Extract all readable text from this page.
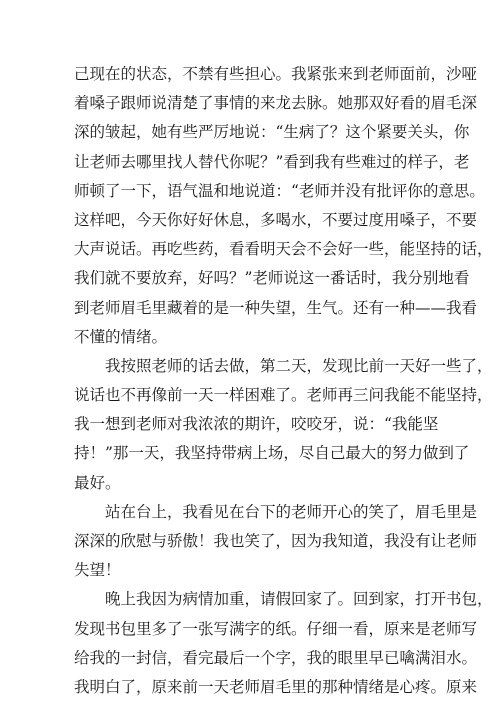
己现在的状态，不禁有些担心。我紧张来到老师面前，沙哑
着嗓子跟师说清楚了事情的来龙去脉。她那双好看的眉毛深
深的皱起，她有些严厉地说：“生病了？这个紧要关头，你
让老师去哪里找人替代你呢？”看到我有些难过的样子，老
师顿了一下，语气温和地说道：“老师并没有批评你的意思。
这样吧，今天你好好休息，多喝水，不要过度用嗓子，不要
大声说话。再吃些药，看看明天会不会好一些，能坚持的话，
我们就不要放弃，好吗？”老师说这一番话时，我分别地看
到老师眉毛里藏着的是一种失望，生气。还有一种——我看
不懂的情绪。
我按照老师的话去做，第二天，发现比前一天好一些了，
说话也不再像前一天一样困难了。老师再三问我能不能坚持，
我一想到老师对我浓浓的期许，咬咬牙，说：“我能坚
持！”那一天，我坚持带病上场，尽自己最大的努力做到了
最好。
站在台上，我看见在台下的老师开心的笑了，眉毛里是
深深的欣慰与骄傲！我也笑了，因为我知道，我没有让老师
失望！
晚上我因为病情加重，请假回家了。回到家，打开书包，
发现书包里多了一张写满字的纸。仔细一看，原来是老师写
给我的一封信，看完最后一个字，我的眼里早已噙满泪水。
我明白了，原来前一天老师眉毛里的那种情绪是心疼。原来
